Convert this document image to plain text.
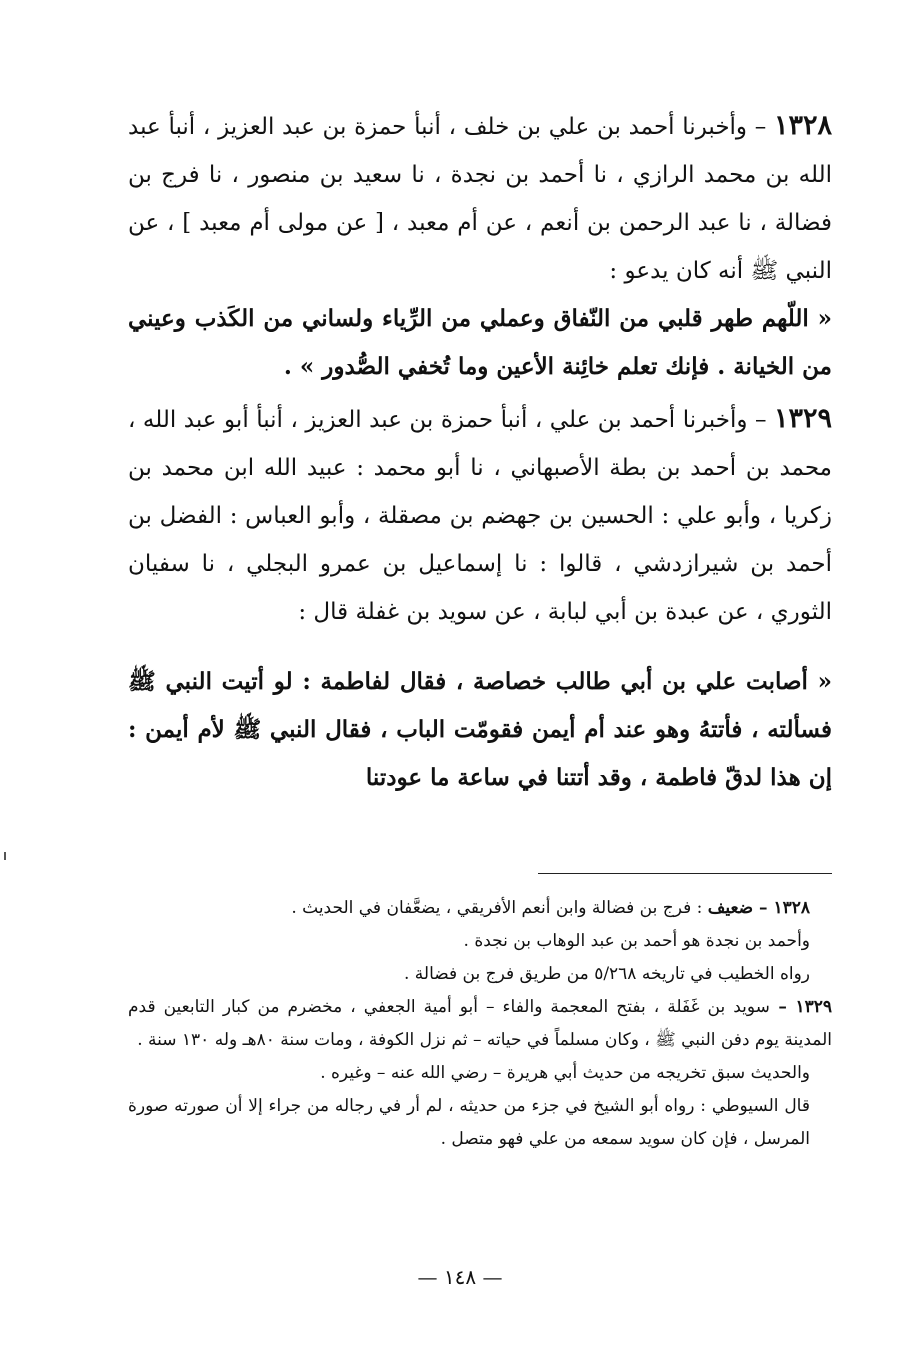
١٣٢٨ – وأخبرنا أحمد بن علي بن خلف ، أنبأ حمزة بن عبد العزيز ، أنبأ عبد الله بن محمد الرازي ، نا أحمد بن نجدة ، نا سعيد بن منصور ، نا فرج بن فضالة ، نا عبد الرحمن بن أنعم ، عن أم معبد ، [ عن مولى أم معبد ] ، عن النبي ﷺ أنه كان يدعو :

« اللّهم طهر قلبي من النّفاق وعملي من الرِّياء ولساني من الكَذب وعيني من الخيانة . فإنك تعلم خائِنة الأعين وما تُخفي الصُّدور » .

١٣٢٩ – وأخبرنا أحمد بن علي ، أنبأ حمزة بن عبد العزيز ، أنبأ أبو عبد الله ، محمد بن أحمد بن بطة الأصبهاني ، نا أبو محمد : عبيد الله ابن محمد بن زكريا ، وأبو علي : الحسين بن جهضم بن مصقلة ، وأبو العباس : الفضل بن أحمد بن شيرازدشي ، قالوا : نا إسماعيل بن عمرو البجلي ، نا سفيان الثوري ، عن عبدة بن أبي لبابة ، عن سويد بن غفلة قال :

« أصابت علي بن أبي طالب خصاصة ، فقال لفاطمة : لو أتيت النبي ﷺ فسألته ، فأتتهُ وهو عند أم أيمن فقومّت الباب ، فقال النبي ﷺ لأم أيمن : إن هذا لدقّ فاطمة ، وقد أتتنا في ساعة ما عودتنا

١٣٢٨ – ضعيف : فرج بن فضالة وابن أنعم الأفريقي ، يضعَّفان في الحديث .

وأحمد بن نجدة هو أحمد بن عبد الوهاب بن نجدة .

رواه الخطيب في تاريخه ٥/٢٦٨ من طريق فرج بن فضالة .

١٣٢٩ – سويد بن غَفَلة ، بفتح المعجمة والفاء – أبو أمية الجعفي ، مخضرم من كبار التابعين قدم المدينة يوم دفن النبي ﷺ ، وكان مسلماً في حياته – ثم نزل الكوفة ، ومات سنة ٨٠هـ وله ١٣٠ سنة .

والحديث سبق تخريجه من حديث أبي هريرة – رضي الله عنه – وغيره .

قال السيوطي : رواه أبو الشيخ في جزء من حديثه ، لم أر في رجاله من جراء إلا أن صورته صورة المرسل ، فإن كان سويد سمعه من علي فهو متصل .

— ١٤٨ —
